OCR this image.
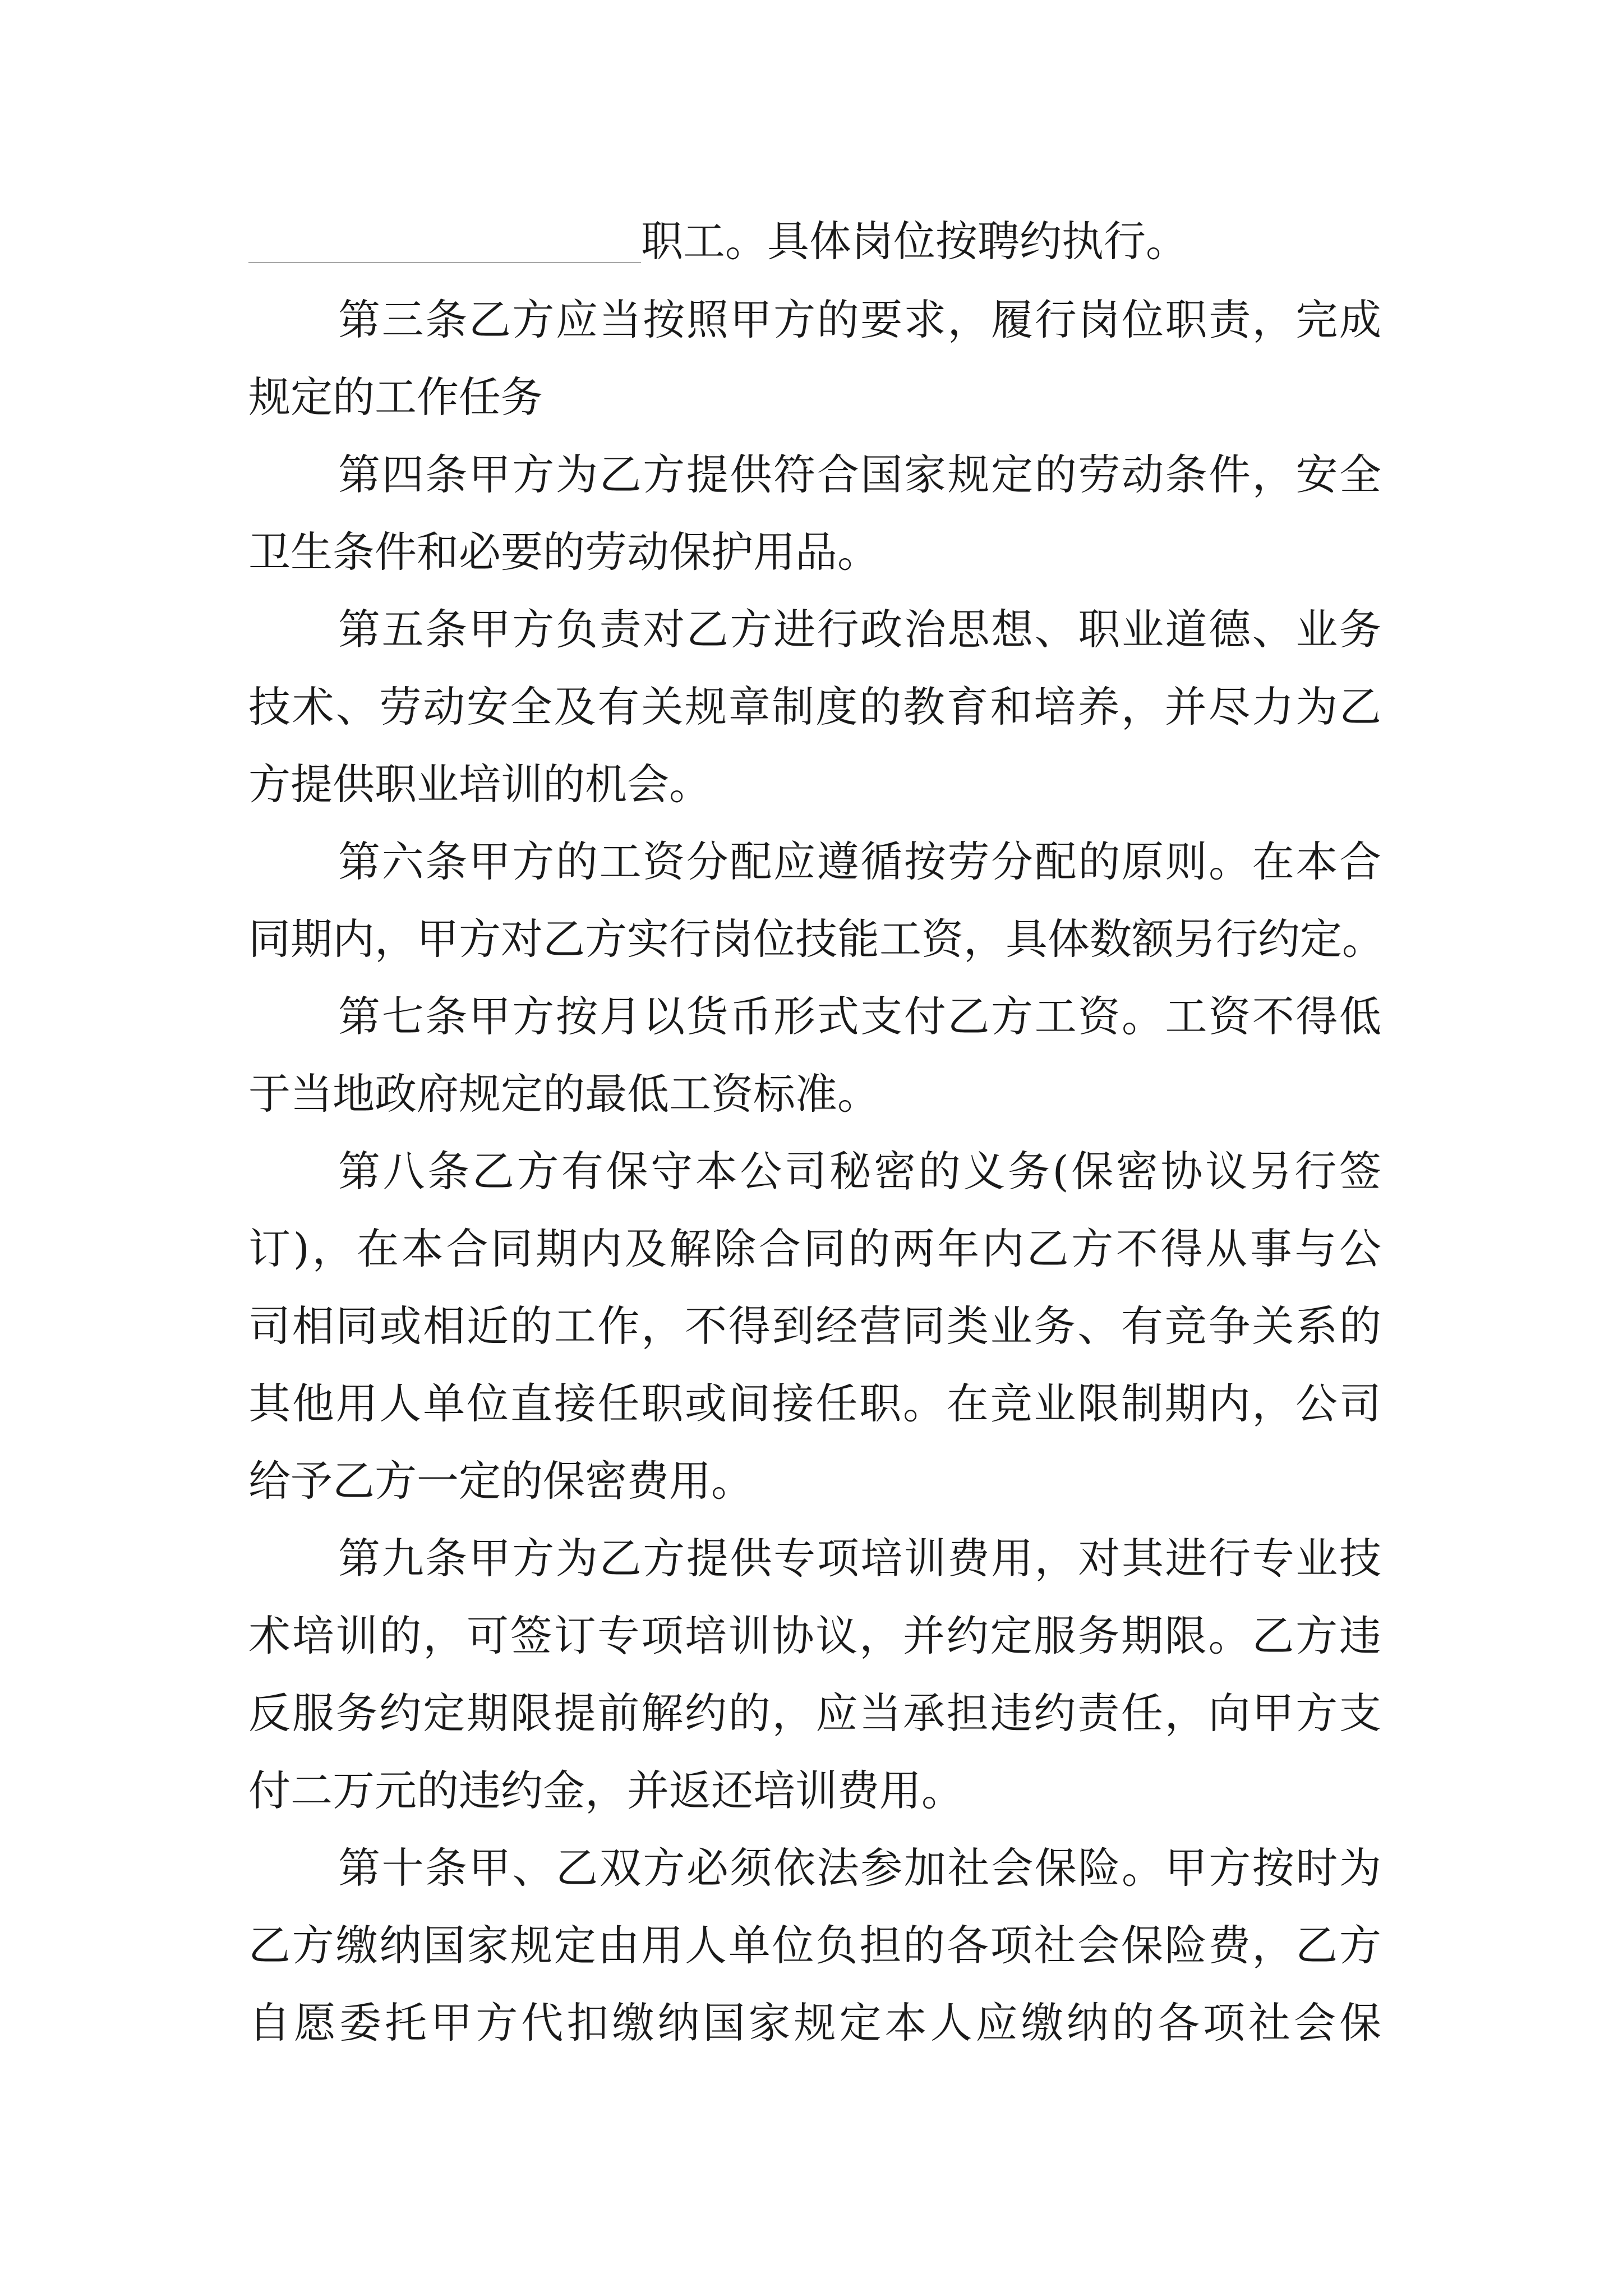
职工。具体岗位按聘约执行。
第三条乙方应当按照甲方的要求，履行岗位职责，完成
规定的工作任务
第四条甲方为乙方提供符合国家规定的劳动条件，安全
卫生条件和必要的劳动保护用品。
第五条甲方负责对乙方进行政治思想、职业道德、业务
技术、劳动安全及有关规章制度的教育和培养，并尽力为乙
方提供职业培训的机会。
第六条甲方的工资分配应遵循按劳分配的原则。在本合
同期内，甲方对乙方实行岗位技能工资，具体数额另行约定。
第七条甲方按月以货币形式支付乙方工资。工资不得低
于当地政府规定的最低工资标准。
第八条乙方有保守本公司秘密的义务(保密协议另行签
订)，在本合同期内及解除合同的两年内乙方不得从事与公
司相同或相近的工作，不得到经营同类业务、有竞争关系的
其他用人单位直接任职或间接任职。在竞业限制期内，公司
给予乙方一定的保密费用。
第九条甲方为乙方提供专项培训费用，对其进行专业技
术培训的，可签订专项培训协议，并约定服务期限。乙方违
反服务约定期限提前解约的，应当承担违约责任，向甲方支
付二万元的违约金，并返还培训费用。
第十条甲、乙双方必须依法参加社会保险。甲方按时为
乙方缴纳国家规定由用人单位负担的各项社会保险费，乙方
自愿委托甲方代扣缴纳国家规定本人应缴纳的各项社会保
